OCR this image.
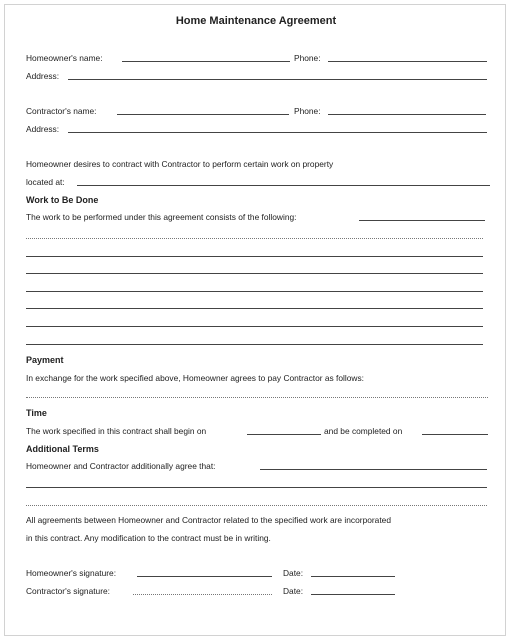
Home Maintenance Agreement
Homeowner's name:	Phone:
Address:
Contractor's name:	Phone:
Address:
Homeowner desires to contract with Contractor to perform certain work on property
located at:
Work to Be Done
The work to be performed under this agreement consists of the following:
Payment
In exchange for the work specified above, Homeowner agrees to pay Contractor as follows:
Time
The work specified in this contract shall begin on	and be completed on
Additional Terms
Homeowner and Contractor additionally agree that:
All agreements between Homeowner and Contractor related to the specified work are incorporated
in this contract. Any modification to the contract must be in writing.
Homeowner's signature:	Date:
Contractor's signature:	Date:
